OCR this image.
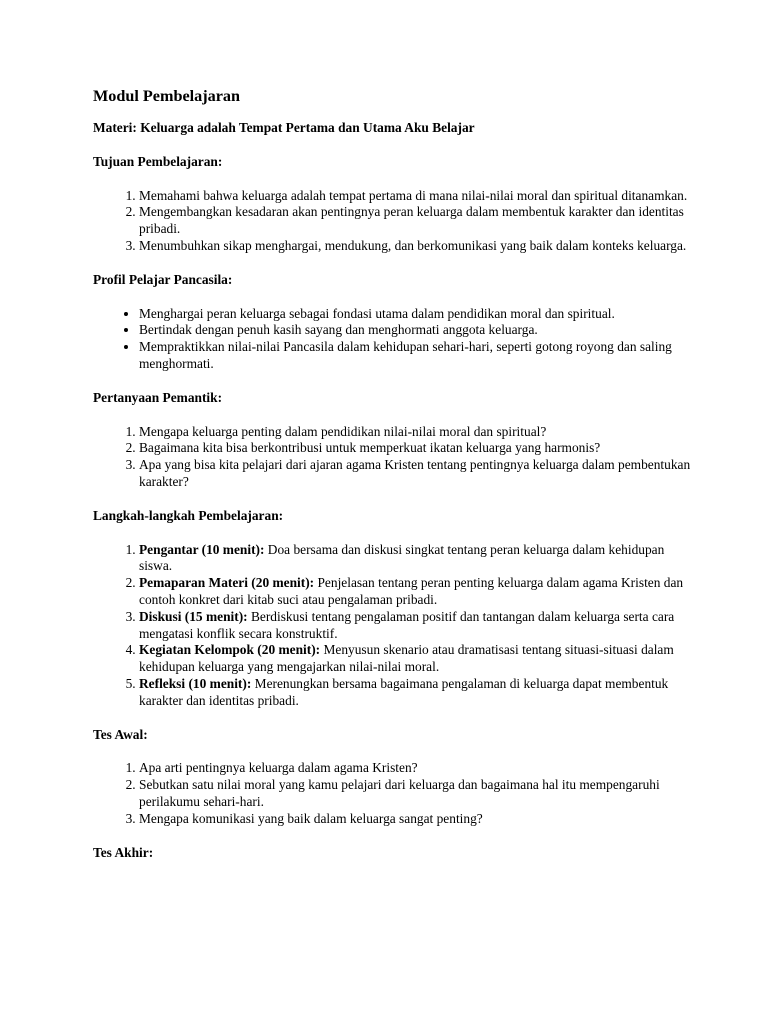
Modul Pembelajaran
Materi: Keluarga adalah Tempat Pertama dan Utama Aku Belajar
Tujuan Pembelajaran:
1. Memahami bahwa keluarga adalah tempat pertama di mana nilai-nilai moral dan spiritual ditanamkan.
2. Mengembangkan kesadaran akan pentingnya peran keluarga dalam membentuk karakter dan identitas pribadi.
3. Menumbuhkan sikap menghargai, mendukung, dan berkomunikasi yang baik dalam konteks keluarga.
Profil Pelajar Pancasila:
• Menghargai peran keluarga sebagai fondasi utama dalam pendidikan moral dan spiritual.
• Bertindak dengan penuh kasih sayang dan menghormati anggota keluarga.
• Mempraktikkan nilai-nilai Pancasila dalam kehidupan sehari-hari, seperti gotong royong dan saling menghormati.
Pertanyaan Pemantik:
1. Mengapa keluarga penting dalam pendidikan nilai-nilai moral dan spiritual?
2. Bagaimana kita bisa berkontribusi untuk memperkuat ikatan keluarga yang harmonis?
3. Apa yang bisa kita pelajari dari ajaran agama Kristen tentang pentingnya keluarga dalam pembentukan karakter?
Langkah-langkah Pembelajaran:
1. Pengantar (10 menit): Doa bersama dan diskusi singkat tentang peran keluarga dalam kehidupan siswa.
2. Pemaparan Materi (20 menit): Penjelasan tentang peran penting keluarga dalam agama Kristen dan contoh konkret dari kitab suci atau pengalaman pribadi.
3. Diskusi (15 menit): Berdiskusi tentang pengalaman positif dan tantangan dalam keluarga serta cara mengatasi konflik secara konstruktif.
4. Kegiatan Kelompok (20 menit): Menyusun skenario atau dramatisasi tentang situasi-situasi dalam kehidupan keluarga yang mengajarkan nilai-nilai moral.
5. Refleksi (10 menit): Merenungkan bersama bagaimana pengalaman di keluarga dapat membentuk karakter dan identitas pribadi.
Tes Awal:
1. Apa arti pentingnya keluarga dalam agama Kristen?
2. Sebutkan satu nilai moral yang kamu pelajari dari keluarga dan bagaimana hal itu mempengaruhi perilakumu sehari-hari.
3. Mengapa komunikasi yang baik dalam keluarga sangat penting?
Tes Akhir:
